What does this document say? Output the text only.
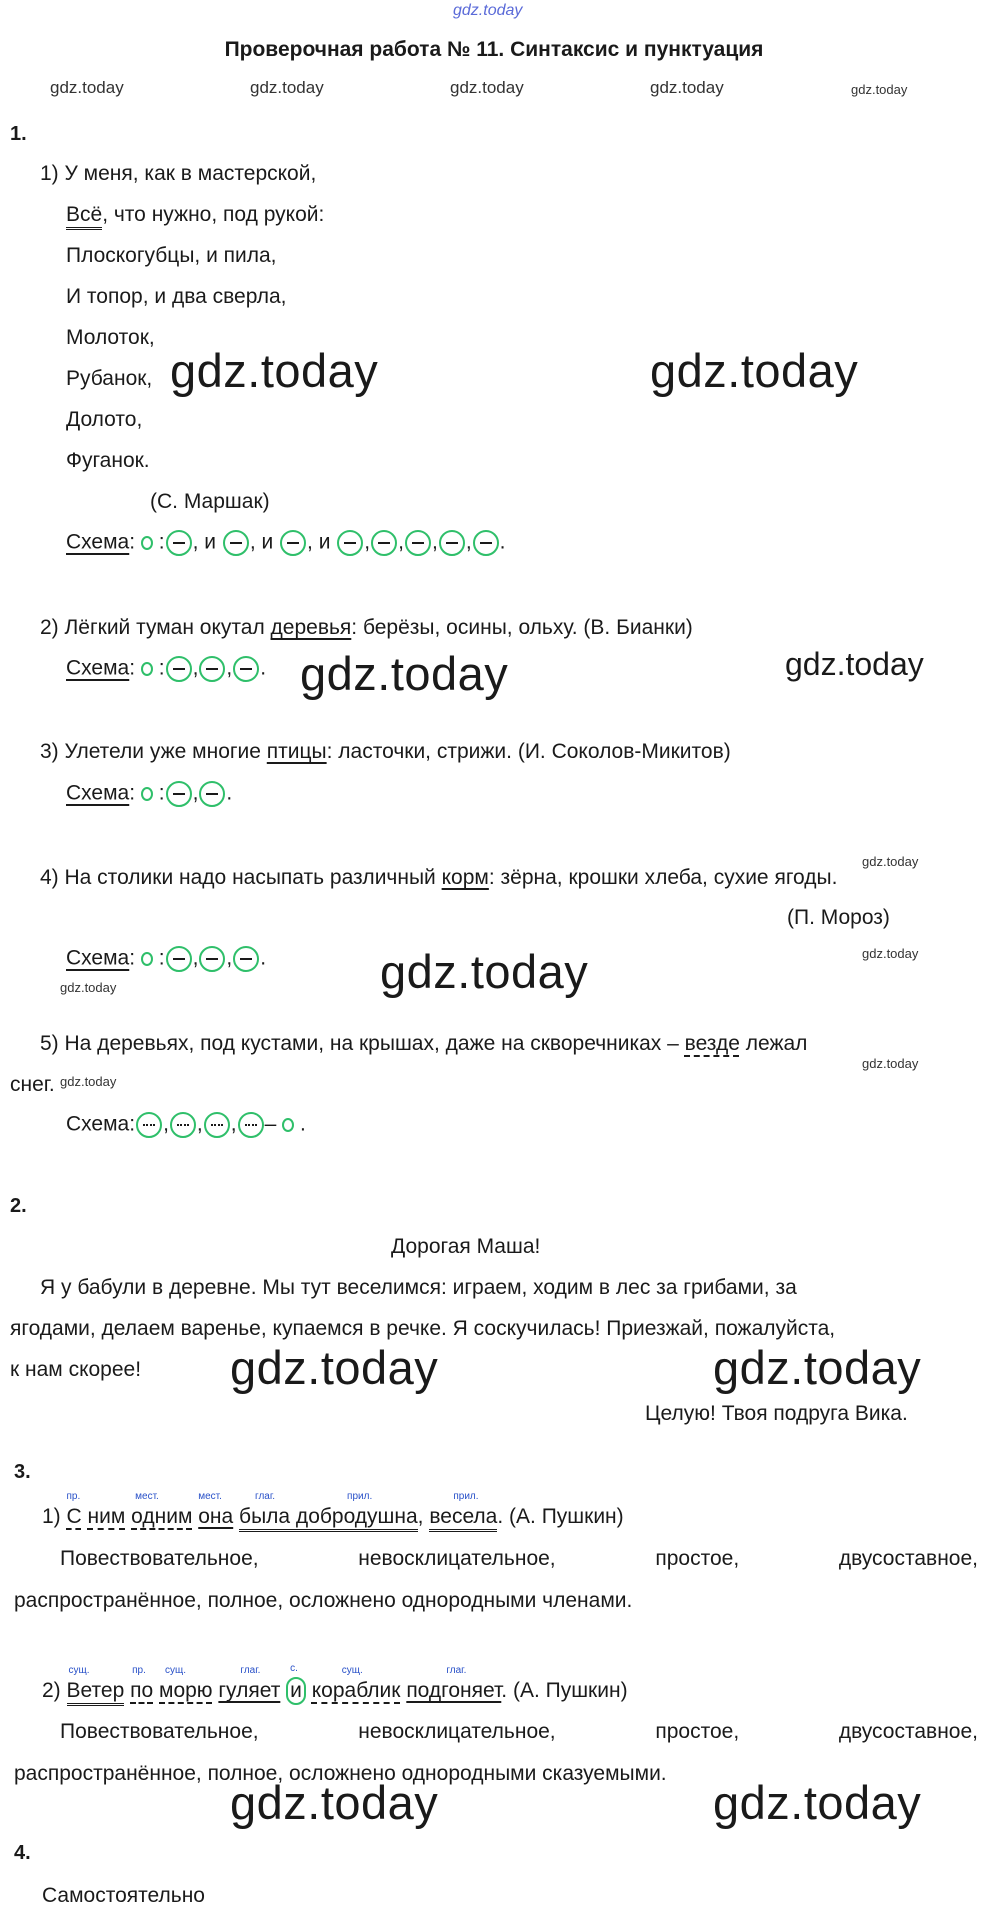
gdz.today
Проверочная работа № 11. Синтаксис и пунктуация
gdz.today	gdz.today	gdz.today	gdz.today	gdz.today
1.
1) У меня, как в мастерской,
Всё, что нужно, под рукой:
Плоскогубцы, и пила,
И топор, и два сверла,
Молоток,
Рубанок,
Долото,
Фуганок.
(С. Маршак)
gdz.today	gdz.today
Схема:  : , и , и , и , , , , .
2) Лёгкий туман окутал деревья: берёзы, осины, ольху. (В. Бианки)
Схема:  : , , . gdz.today	gdz.today
3) Улетели уже многие птицы: ласточки, стрижи. (И. Соколов-Микитов)
Схема:  : , .
gdz.today
4) На столики надо насыпать различный корм: зёрна, крошки хлеба, сухие ягоды.
(П. Мороз)
Схема:  : , , .	gdz.today
gdz.today	gdz.today
5) На деревьях, под кустами, на крышах, даже на скворечниках – везде лежал
gdz.today
снег. gdz.today
Схема: , , , –  .
2.
Дорогая Маша!
Я у бабули в деревне. Мы тут веселимся: играем, ходим в лес за грибами, за
ягодами, делаем варенье, купаемся в речке. Я соскучилась! Приезжай, пожалуйста,
к нам скорее! gdz.today	gdz.today
Целую! Твоя подруга Вика.
3.
1)
пр.
С ним
мест.
одним
мест.
она
глаг.	прил.
была добродушна,
прил.
весела. (А. Пушкин)
Повествовательное,	невосклицательное,	простое,	двусоставное,
распространённое, полное, осложнено однородными членами.
2)
сущ.
Ветер
пр.
по
сущ.
морю
глаг.
гуляет
с.
и
сущ.
кораблик
глаг.
подгоняет. (А. Пушкин)
Повествовательное,	невосклицательное,	простое,	двусоставное,
распространённое, полное, осложнено однородными сказуемыми.
gdz.today	gdz.today
4.
Самостоятельно
